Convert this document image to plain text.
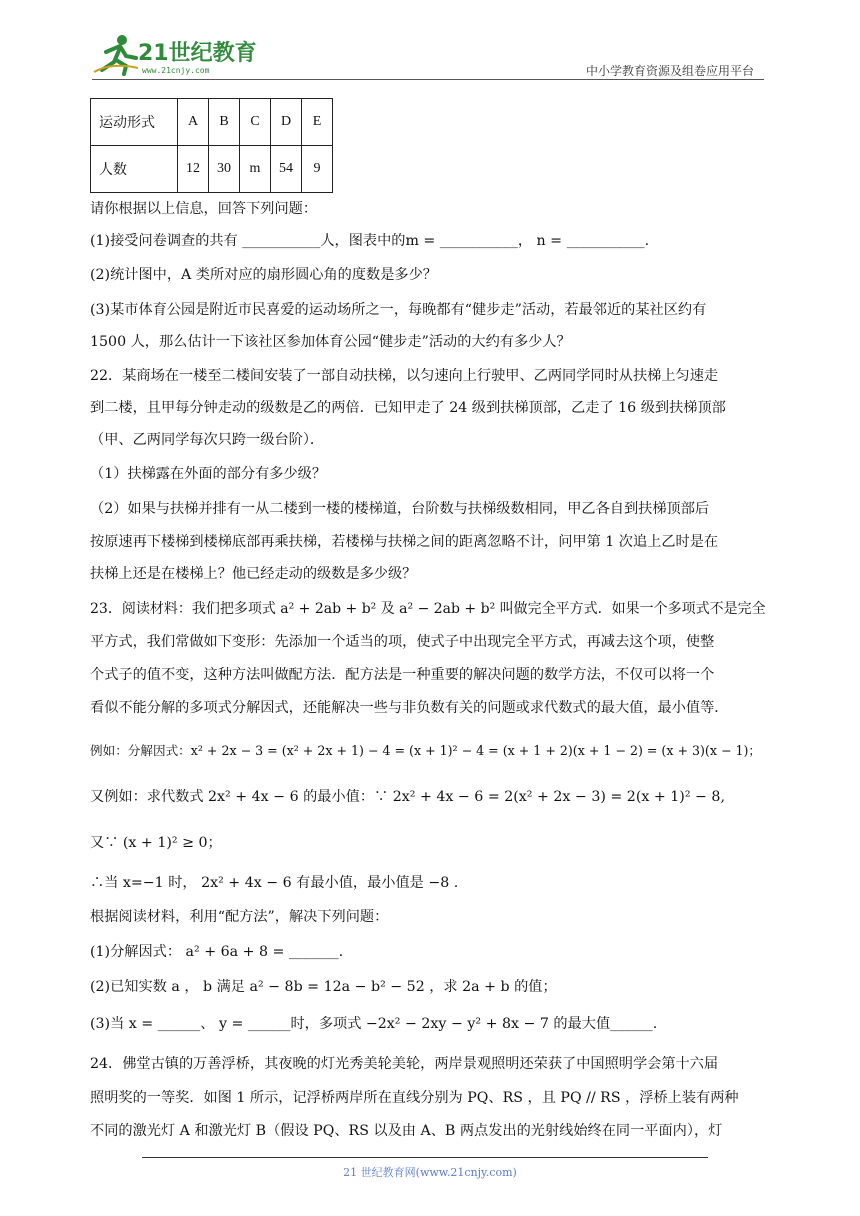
21世纪教育
www.21cnjy.com	中小学教育资源及组卷应用平台
运动形式	A	B	C	D	E
人数	12	30	m	54	9
请你根据以上信息，回答下列问题：
(1)接受问卷调查的共有 ___________人，图表中的m = ___________， n = ___________.
(2)统计图中，A 类所对应的扇形圆心角的度数是多少？
(3)某市体育公园是附近市民喜爱的运动场所之一，每晚都有“健步走”活动，若最邻近的某社区约有
1500 人，那么估计一下该社区参加体育公园“健步走”活动的大约有多少人？
22．某商场在一楼至二楼间安装了一部自动扶梯，以匀速向上行驶甲、乙两同学同时从扶梯上匀速走
到二楼，且甲每分钟走动的级数是乙的两倍．已知甲走了 24 级到扶梯顶部，乙走了 16 级到扶梯顶部
（甲、乙两同学每次只跨一级台阶）．
（1）扶梯露在外面的部分有多少级？
（2）如果与扶梯并排有一从二楼到一楼的楼梯道，台阶数与扶梯级数相同，甲乙各自到扶梯顶部后
按原速再下楼梯到楼梯底部再乘扶梯，若楼梯与扶梯之间的距离忽略不计，问甲第 1 次追上乙时是在
扶梯上还是在楼梯上？他已经走动的级数是多少级？
23．阅读材料：我们把多项式 a² + 2ab + b² 及 a² − 2ab + b² 叫做完全平方式．如果一个多项式不是完全
平方式，我们常做如下变形：先添加一个适当的项，使式子中出现完全平方式，再减去这个项，使整
个式子的值不变，这种方法叫做配方法．配方法是一种重要的解决问题的数学方法，不仅可以将一个
看似不能分解的多项式分解因式，还能解决一些与非负数有关的问题或求代数式的最大值，最小值等．
例如：分解因式：x² + 2x − 3 = (x² + 2x + 1) − 4 = (x + 1)² − 4 = (x + 1 + 2)(x + 1 − 2) = (x + 3)(x − 1)；
又例如：求代数式 2x² + 4x − 6 的最小值：∵ 2x² + 4x − 6 = 2(x² + 2x − 3) = 2(x + 1)² − 8,
又∵ (x + 1)² ≥ 0；
∴当 x=−1 时， 2x² + 4x − 6 有最小值，最小值是 −8 .
根据阅读材料，利用“配方法”，解决下列问题：
(1)分解因式： a² + 6a + 8 = _______.
(2)已知实数 a ， b 满足 a² − 8b = 12a − b² − 52 ，求 2a + b 的值；
(3)当 x = ______、 y = ______时，多项式 −2x² − 2xy − y² + 8x − 7 的最大值______.
24．佛堂古镇的万善浮桥，其夜晚的灯光秀美轮美轮，两岸景观照明还荣获了中国照明学会第十六届
照明奖的一等奖．如图 1 所示，记浮桥两岸所在直线分别为 PQ、RS ，且 PQ // RS ，浮桥上装有两种
不同的激光灯 A 和激光灯 B（假设 PQ、RS 以及由 A、B 两点发出的光射线始终在同一平面内），灯
21 世纪教育网(www.21cnjy.com)
